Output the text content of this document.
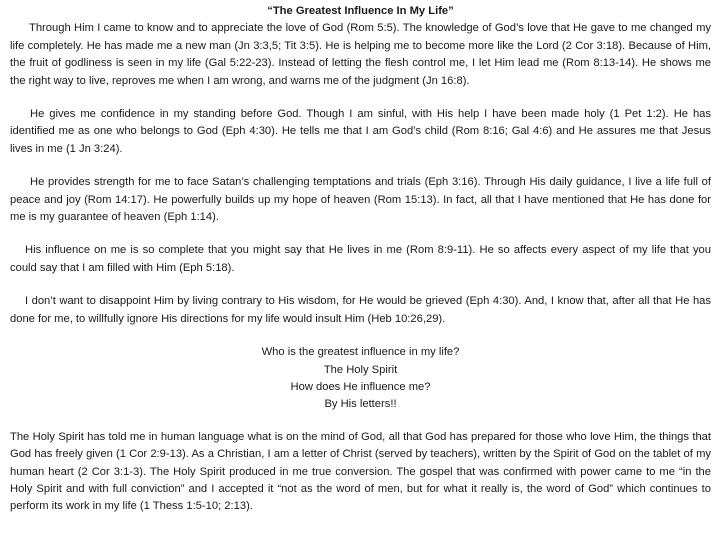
“The Greatest Influence In My Life”

Through Him I came to know and to appreciate the love of God (Rom 5:5). The knowledge of God’s love that He gave to me changed my life completely. He has made me a new man (Jn 3:3,5; Tit 3:5). He is helping me to become more like the Lord (2 Cor 3:18). Because of Him, the fruit of godliness is seen in my life (Gal 5:22-23). Instead of letting the flesh control me, I let Him lead me (Rom 8:13-14). He shows me the right way to live, reproves me when I am wrong, and warns me of the judgment (Jn 16:8).

He gives me confidence in my standing before God. Though I am sinful, with His help I have been made holy (1 Pet 1:2). He has identified me as one who belongs to God (Eph 4:30). He tells me that I am God’s child (Rom 8:16; Gal 4:6) and He assures me that Jesus lives in me (1 Jn 3:24).

He provides strength for me to face Satan’s challenging temptations and trials (Eph 3:16). Through His daily guidance, I live a life full of peace and joy (Rom 14:17). He powerfully builds up my hope of heaven (Rom 15:13). In fact, all that I have mentioned that He has done for me is my guarantee of heaven (Eph 1:14).

His influence on me is so complete that you might say that He lives in me (Rom 8:9-11). He so affects every aspect of my life that you could say that I am filled with Him (Eph 5:18).

I don’t want to disappoint Him by living contrary to His wisdom, for He would be grieved (Eph 4:30). And, I know that, after all that He has done for me, to willfully ignore His directions for my life would insult Him (Heb 10:26,29).

Who is the greatest influence in my life?
The Holy Spirit
How does He influence me?
By His letters!!

The Holy Spirit has told me in human language what is on the mind of God, all that God has prepared for those who love Him, the things that God has freely given (1 Cor 2:9-13). As a Christian, I am a letter of Christ (served by teachers), written by the Spirit of God on the tablet of my human heart (2 Cor 3:1-3). The Holy Spirit produced in me true conversion. The gospel that was confirmed with power came to me “in the Holy Spirit and with full conviction” and I accepted it “not as the word of men, but for what it really is, the word of God” which continues to perform its work in my life (1 Thess 1:5-10; 2:13).
